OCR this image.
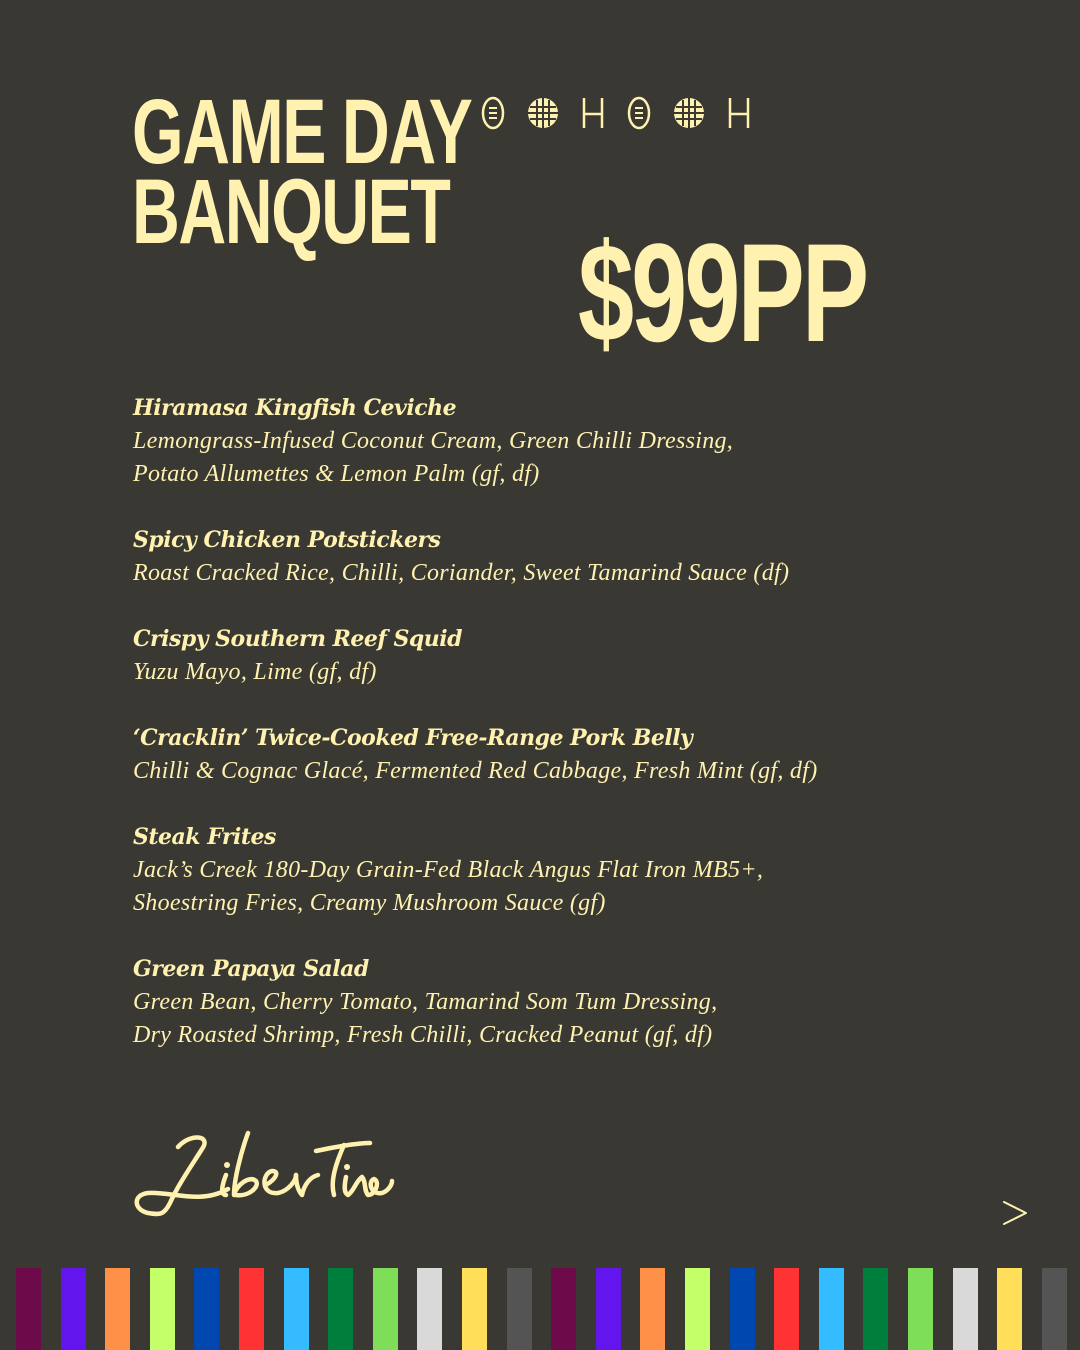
GAME DAY
BANQUET
$99PP
Hiramasa Kingfish Ceviche
Lemongrass-Infused Coconut Cream, Green Chilli Dressing,
Potato Allumettes & Lemon Palm (gf, df)
Spicy Chicken Potstickers
Roast Cracked Rice, Chilli, Coriander, Sweet Tamarind Sauce (df)
Crispy Southern Reef Squid
Yuzu Mayo, Lime (gf, df)
‘Cracklin’ Twice-Cooked Free-Range Pork Belly
Chilli & Cognac Glacé, Fermented Red Cabbage, Fresh Mint (gf, df)
Steak Frites
Jack’s Creek 180-Day Grain-Fed Black Angus Flat Iron MB5+,
Shoestring Fries, Creamy Mushroom Sauce (gf)
Green Papaya Salad
Green Bean, Cherry Tomato, Tamarind Som Tum Dressing,
Dry Roasted Shrimp, Fresh Chilli, Cracked Peanut (gf, df)
